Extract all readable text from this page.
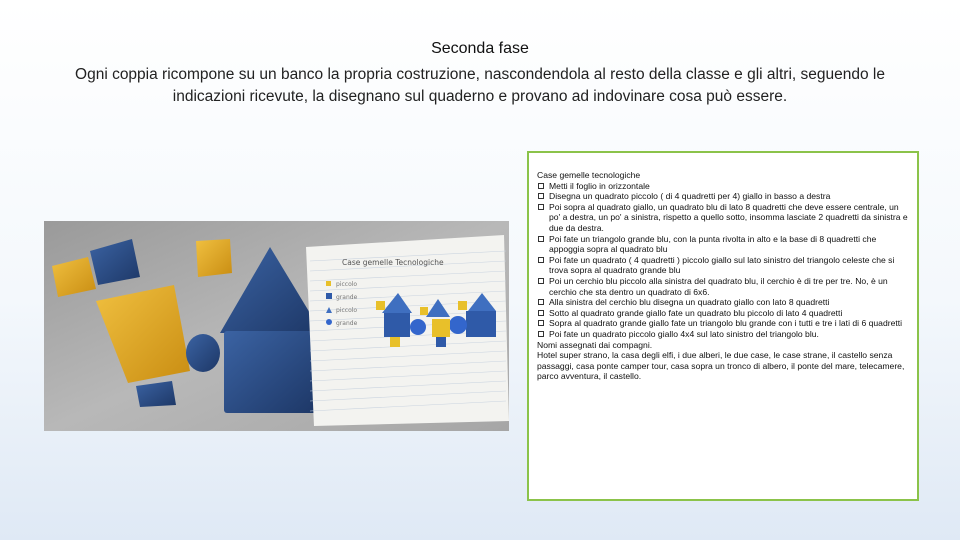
Seconda fase
Ogni coppia ricompone su un banco la propria costruzione, nascondendola al resto della classe e gli altri, seguendo le indicazioni ricevute, la disegnano sul quaderno e provano ad indovinare cosa può essere.
Case gemelle Tecnologiche
piccolo
grande
piccolo
grande

Case gemelle tecnologiche

Metti il foglio in orizzontale
Disegna un quadrato piccolo ( di 4 quadretti per 4) giallo in basso a destra
Poi sopra al quadrato giallo, un quadrato blu di lato 8 quadretti che deve essere centrale, un po' a destra, un po' a sinistra, rispetto a quello sotto, insomma lasciate 2 quadretti da sinistra e due da destra.
Poi fate un triangolo grande blu, con la punta rivolta in alto e la base di 8 quadretti che appoggia sopra al quadrato blu
Poi fate un quadrato ( 4 quadretti ) piccolo giallo sul lato sinistro del triangolo celeste che si trova sopra al quadrato grande blu
Poi un cerchio blu piccolo alla sinistra del quadrato blu, il cerchio è di tre per tre. No, è un cerchio che sta dentro un quadrato di 6x6.
Alla sinistra del cerchio blu disegna un quadrato giallo con lato 8 quadretti
Sotto al quadrato grande giallo fate un quadrato blu piccolo di lato 4 quadretti
Sopra al quadrato grande giallo fate un triangolo blu grande con i tutti e tre i lati di 6 quadretti
Poi fate un quadrato piccolo giallo 4x4 sul lato sinistro del triangolo blu.

Nomi assegnati dai compagni.

Hotel super strano, la casa degli elfi, i due alberi, le due case, le case strane, il castello senza passaggi, casa ponte camper tour, casa sopra un tronco di albero, il ponte del mare, telecamere, parco avventura, il castello.
